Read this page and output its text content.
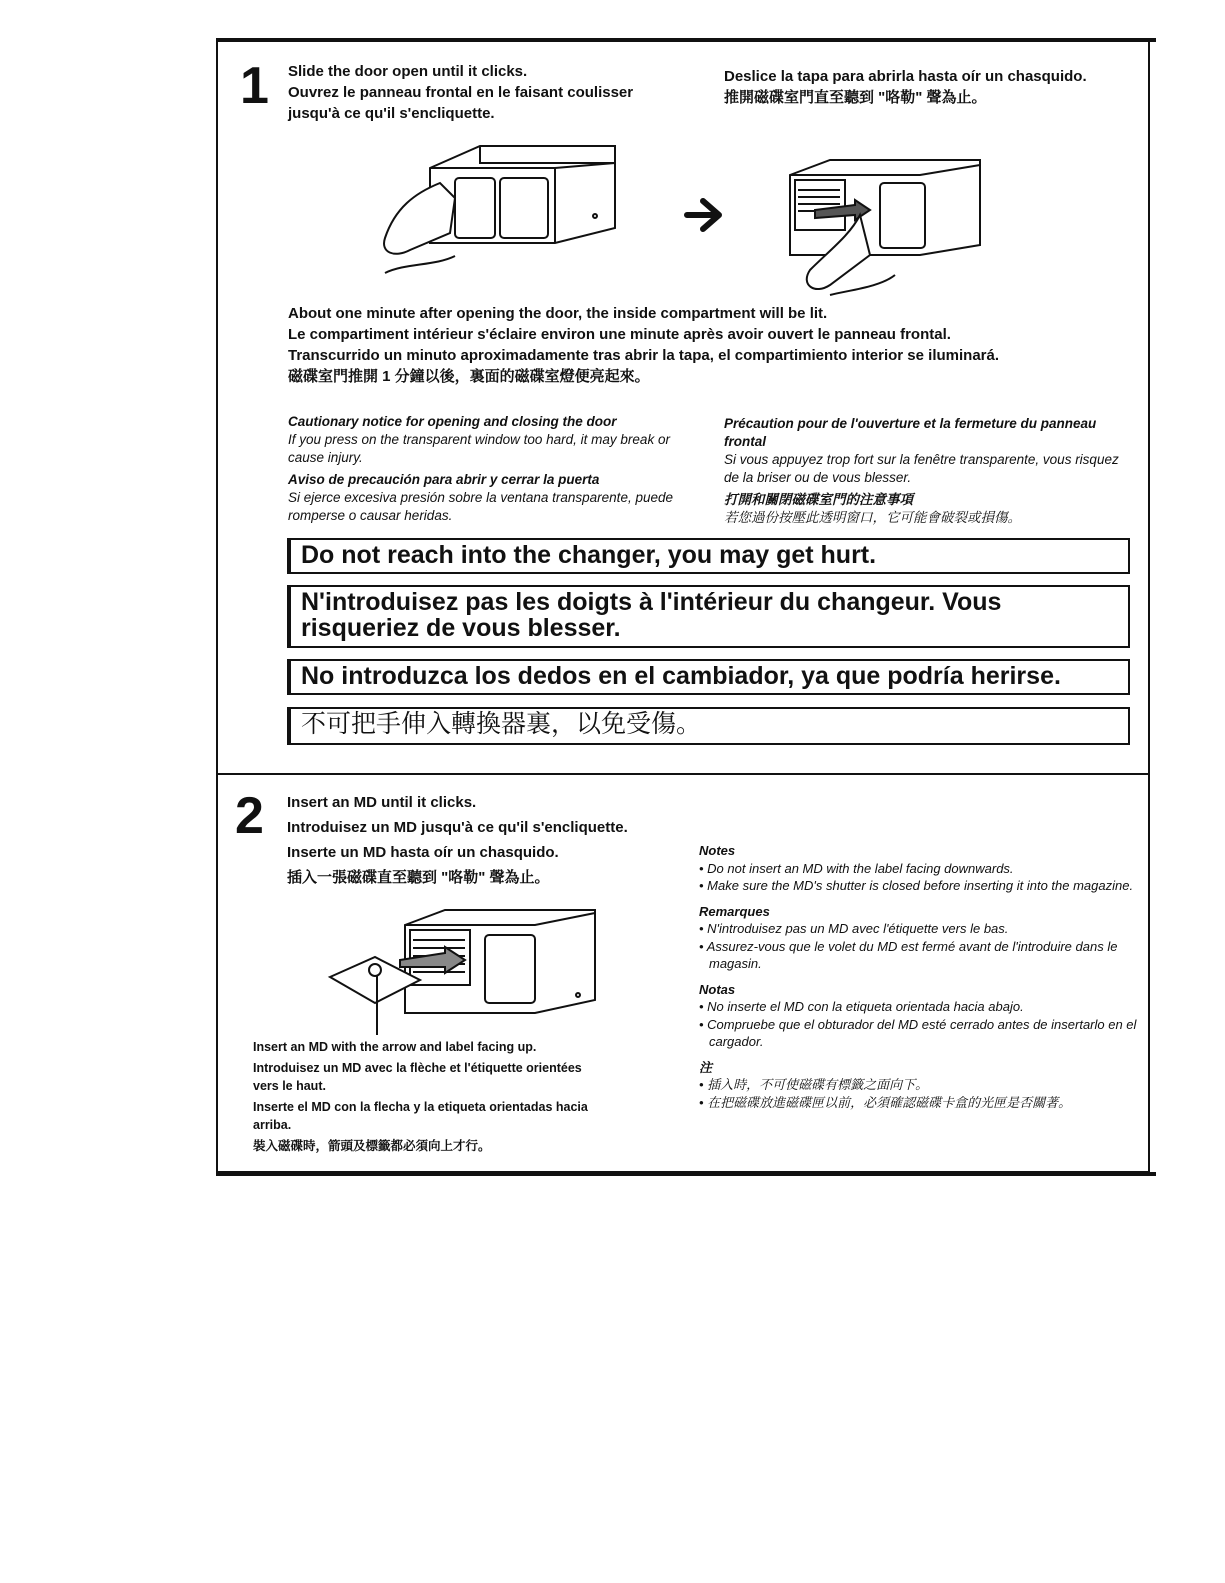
1 Slide the door open until it clicks.
Ouvrez le panneau frontal en le faisant coulisser jusqu'à ce qu'il s'encliquette.
Deslice la tapa para abrirla hasta oír un chasquido.
推開磁碟室門直至聽到 "咯勒" 聲為止。
About one minute after opening the door, the inside compartment will be lit.
Le compartiment intérieur s'éclaire environ une minute après avoir ouvert le panneau frontal.
Transcurrido un minuto aproximadamente tras abrir la tapa, el compartimiento interior se iluminará.
磁碟室門推開 1 分鐘以後，裏面的磁碟室燈便亮起來。
Cautionary notice for opening and closing the door
If you press on the transparent window too hard, it may break or cause injury.
Aviso de precaución para abrir y cerrar la puerta
Si ejerce excesiva presión sobre la ventana transparente, puede romperse o causar heridas.
Précaution pour de l'ouverture et la fermeture du panneau frontal
Si vous appuyez trop fort sur la fenêtre transparente, vous risquez de la briser ou de vous blesser.
打開和關閉磁碟室門的注意事項
若您過份按壓此透明窗口，它可能會破裂或損傷。
Do not reach into the changer, you may get hurt.
N'introduisez pas les doigts à l'intérieur du changeur. Vous risqueriez de vous blesser.
No introduzca los dedos en el cambiador, ya que podría herirse.
不可把手伸入轉換器裏，以免受傷。
2 Insert an MD until it clicks.
Introduisez un MD jusqu'à ce qu'il s'encliquette.
Inserte un MD hasta oír un chasquido.
插入一張磁碟直至聽到 "咯勒" 聲為止。
Insert an MD with the arrow and label facing up.
Introduisez un MD avec la flèche et l'étiquette orientées vers le haut.
Inserte el MD con la flecha y la etiqueta orientadas hacia arriba.
裝入磁碟時，箭頭及標籤都必須向上才行。
Notes
• Do not insert an MD with the label facing downwards.
• Make sure the MD's shutter is closed before inserting it into the magazine.
Remarques
• N'introduisez pas un MD avec l'étiquette vers le bas.
• Assurez-vous que le volet du MD est fermé avant de l'introduire dans le magasin.
Notas
• No inserte el MD con la etiqueta orientada hacia abajo.
• Compruebe que el obturador del MD esté cerrado antes de insertarlo en el cargador.
注
• 插入時，不可使磁碟有標籤之面向下。
• 在把磁碟放進磁碟匣以前，必須確認磁碟卡盒的光匣是否關著。
